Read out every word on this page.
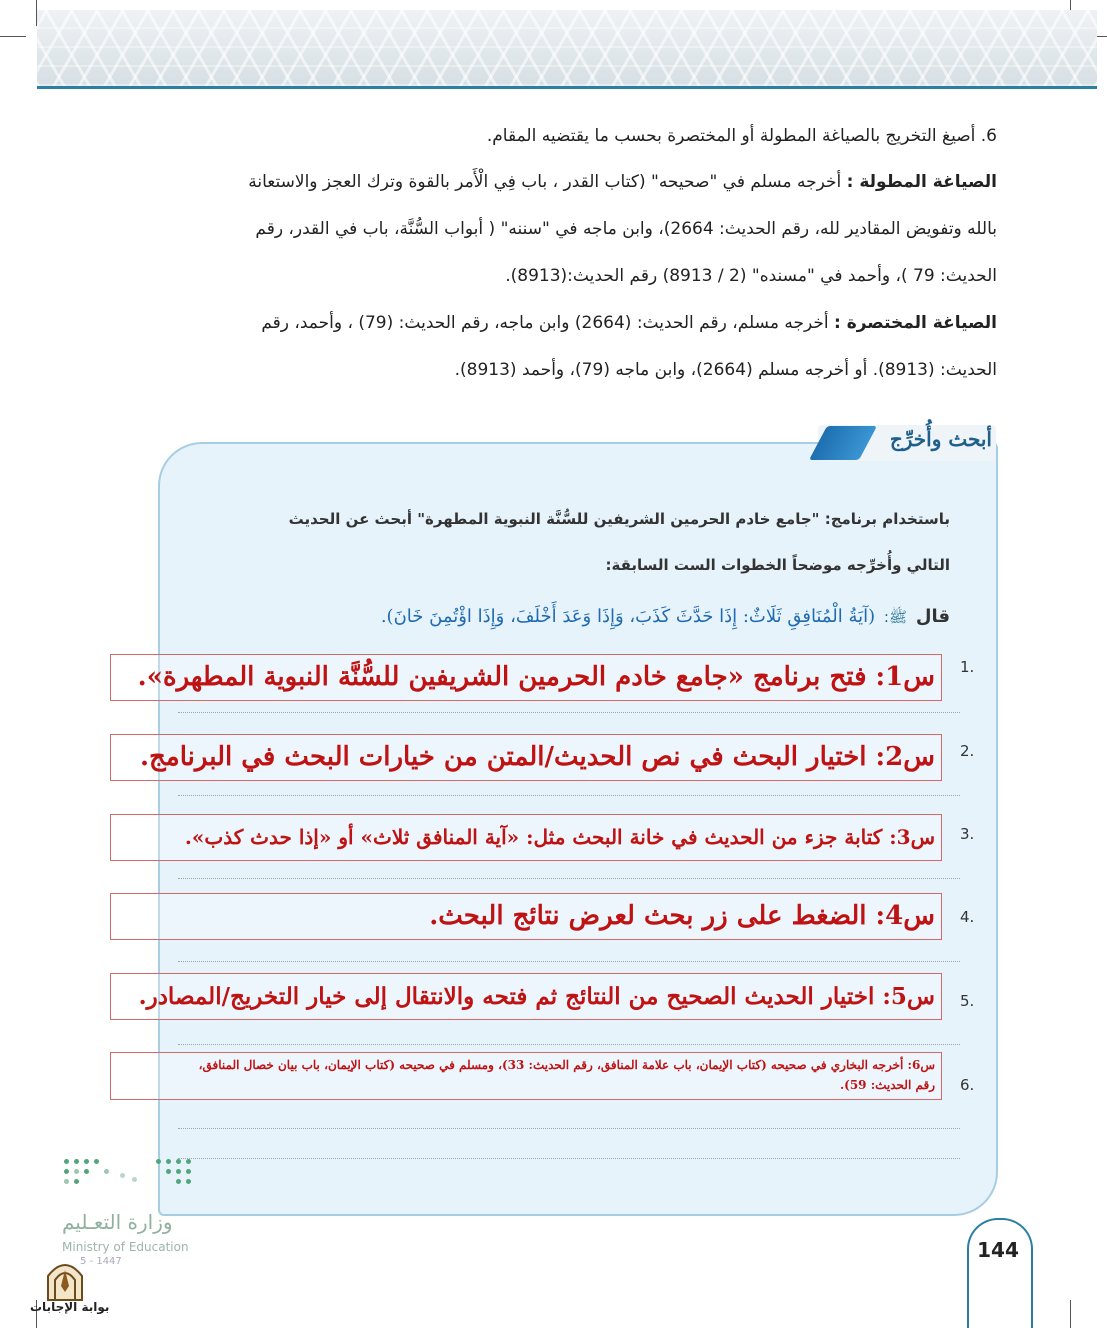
6. أصيغ التخريج بالصياغة المطولة أو المختصرة بحسب ما يقتضيه المقام.
الصياغة المطولة : أخرجه مسلم في "صحيحه" (كتاب القدر ، باب فِي الْأَمر بالقوة وترك العجز والاستعانة
بالله وتفويض المقادير لله، رقم الحديث: 2664)، وابن ماجه في "سننه" ( أبواب السُّنَّة، باب في القدر، رقم
الحديث: 79 )، وأحمد في "مسنده" (2 / 8913) رقم الحديث:(8913).
الصياغة المختصرة : أخرجه مسلم، رقم الحديث: (2664) وابن ماجه، رقم الحديث: (79) ، وأحمد، رقم
الحديث: (8913). أو أخرجه مسلم (2664)، وابن ماجه (79)، وأحمد (8913).
أبحث وأُخرِّج
باستخدام برنامج: "جامع خادم الحرمين الشريفين للسُّنَّة النبوية المطهرة" أبحث عن الحديث
التالي وأُخرِّجه موضحاً الخطوات الست السابقة:
قال ﷺ: (آيَةُ الْمُنَافِقِ ثَلَاثٌ: إِذَا حَدَّثَ كَذَبَ، وَإِذَا وَعَدَ أَخْلَفَ، وَإِذَا اؤْتُمِنَ خَانَ).
1.
2.
3.
4.
5.
6.
س1: فتح برنامج «جامع خادم الحرمين الشريفين للسُّنَّة النبوية المطهرة».
س2: اختيار البحث في نص الحديث/المتن من خيارات البحث في البرنامج.
س3: كتابة جزء من الحديث في خانة البحث مثل: «آية المنافق ثلاث» أو «إذا حدث كذب».
س4: الضغط على زر بحث لعرض نتائج البحث.
س5: اختيار الحديث الصحيح من النتائج ثم فتحه والانتقال إلى خيار التخريج/المصادر.
س6: أخرجه البخاري في صحيحه (كتاب الإيمان، باب علامة المنافق، رقم الحديث: 33)، ومسلم في صحيحه (كتاب الإيمان، باب بيان خصال المنافق،
رقم الحديث: 59).
وزارة التعـليم
Ministry of Education
5 - 1447
بوابة الإجابات
144
